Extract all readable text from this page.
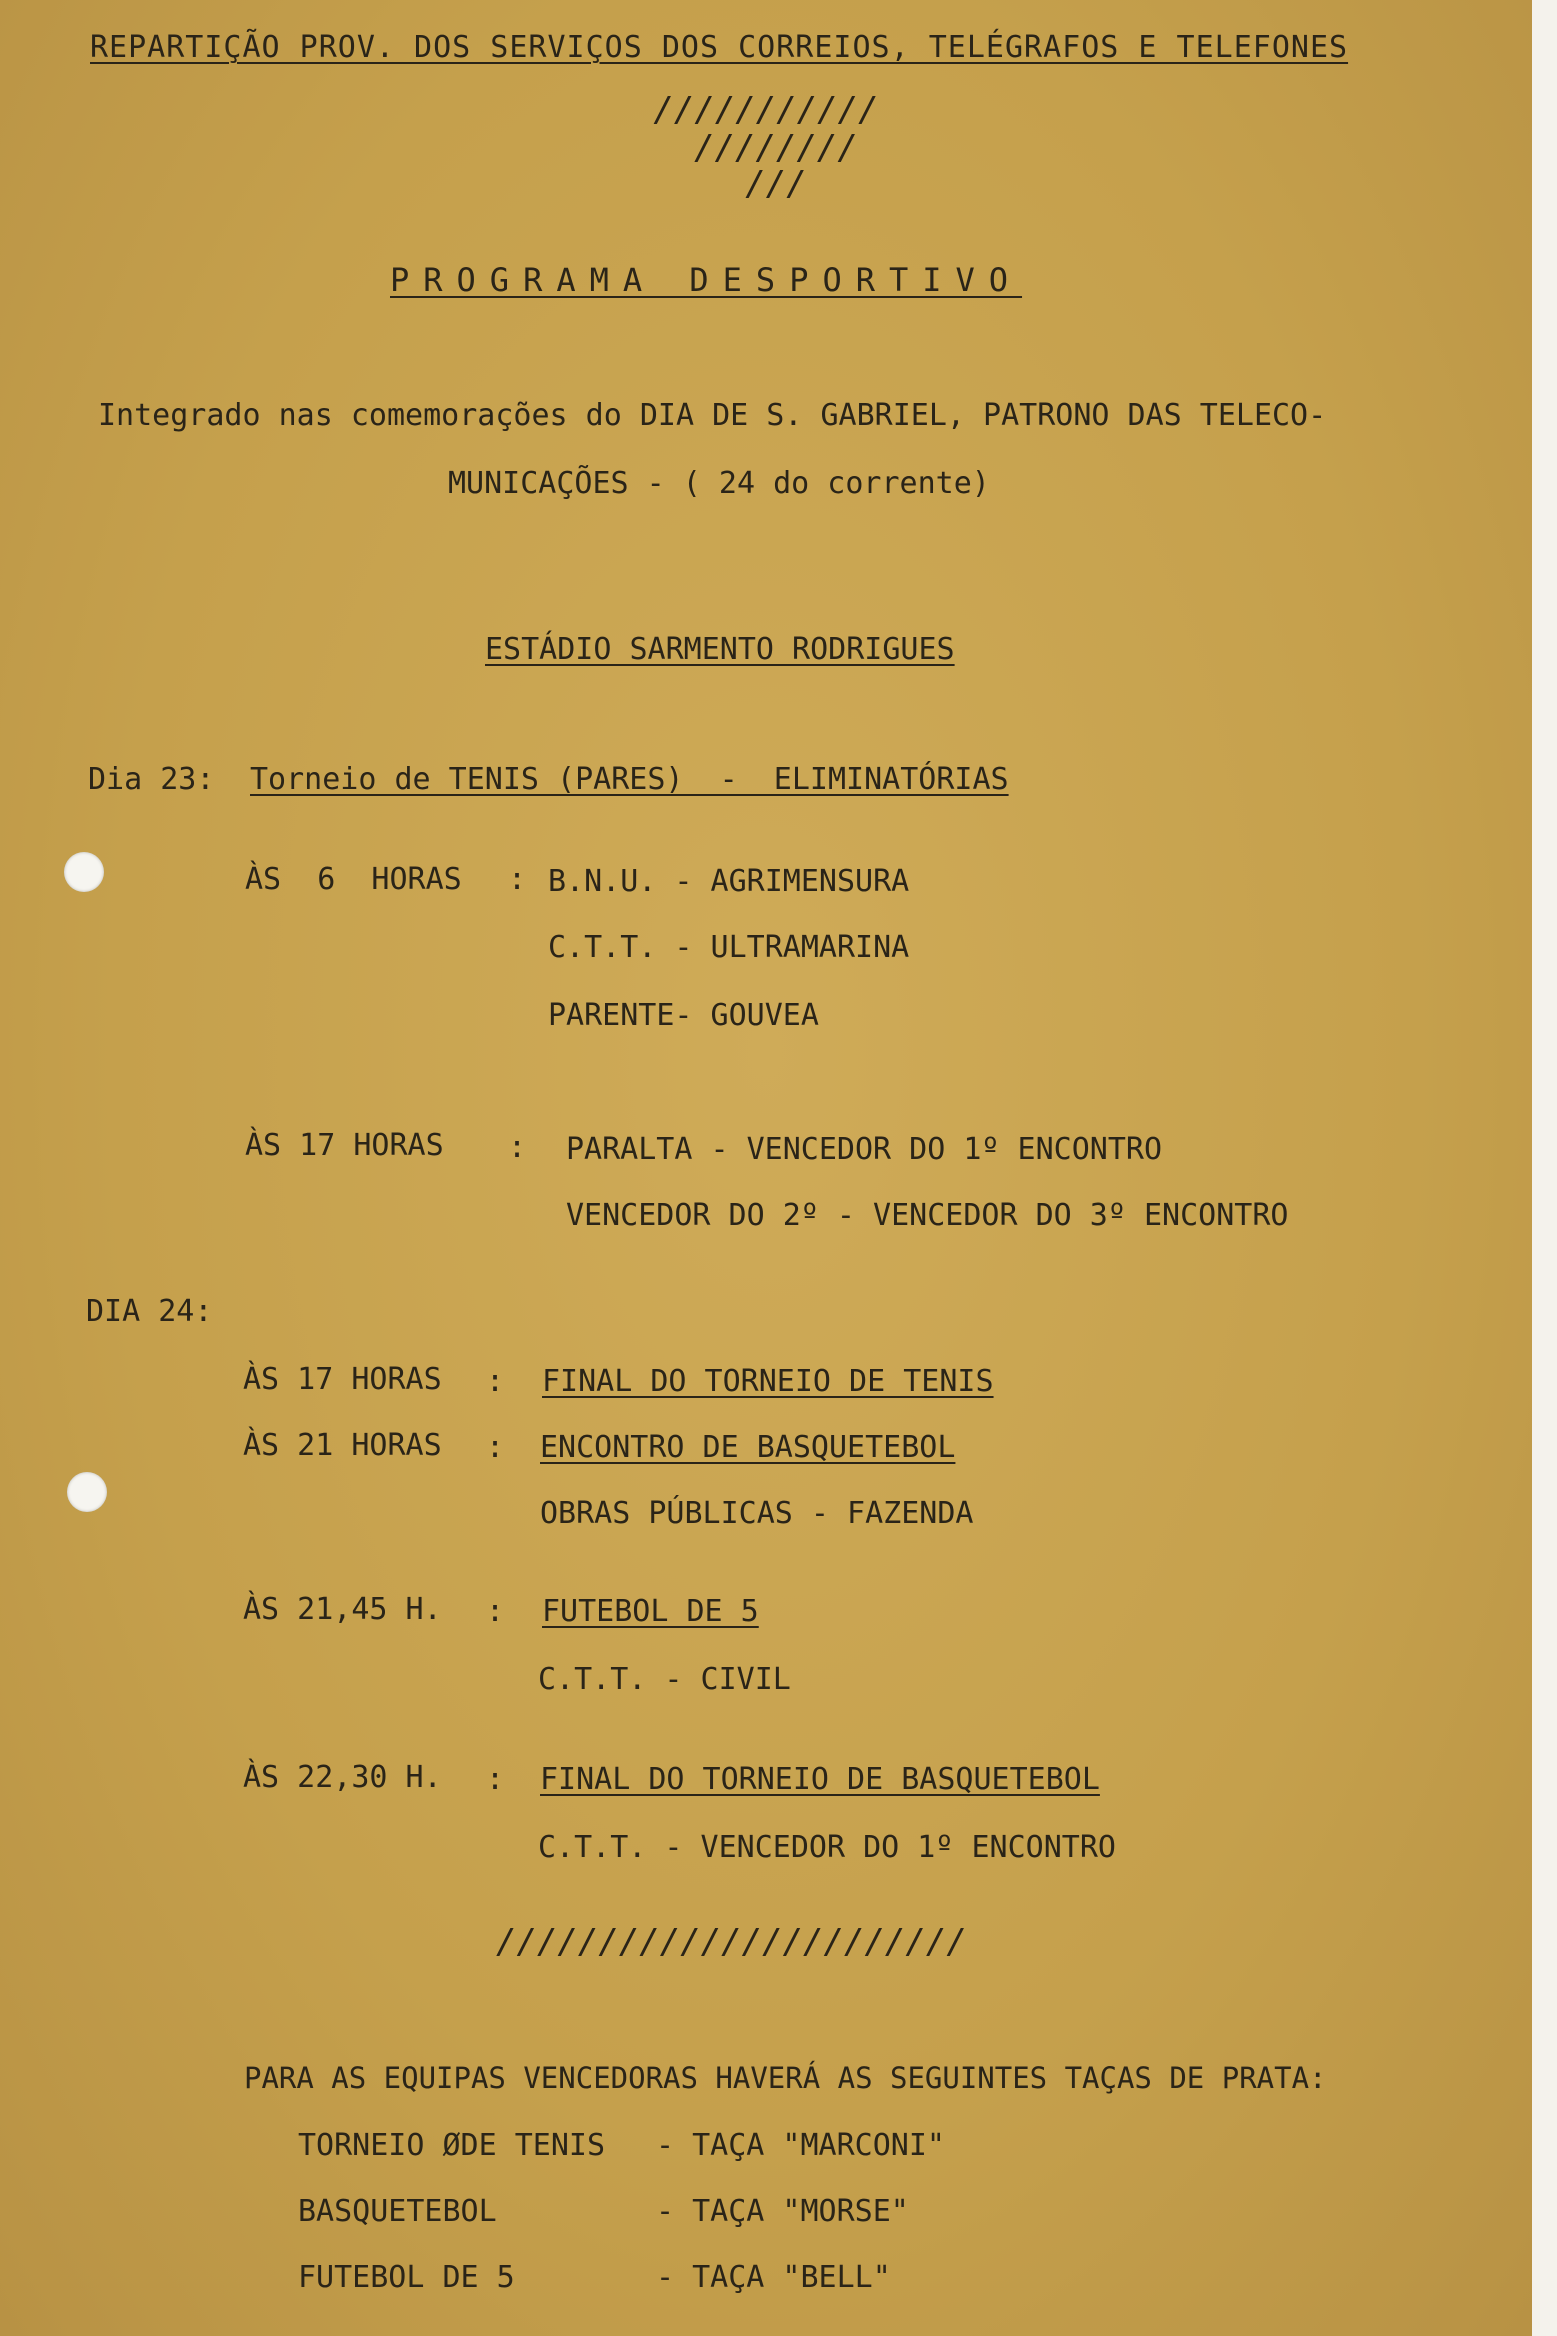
REPARTIÇÃO PROV. DOS SERVIÇOS DOS CORREIOS, TELÉGRAFOS E TELEFONES
///////////
////////
///
PROGRAMA DESPORTIVO
Integrado nas comemorações do DIA DE S. GABRIEL, PATRONO DAS TELECO-
MUNICAÇÕES - ( 24 do corrente)
ESTÁDIO SARMENTO RODRIGUES
Dia 23: Torneio de TENIS (PARES)  -  ELIMINATÓRIAS
ÀS  6  HORAS : B.N.U. - AGRIMENSURA
C.T.T. - ULTRAMARINA
PARENTE- GOUVEA
ÀS 17 HORAS : PARALTA - VENCEDOR DO 1º ENCONTRO
VENCEDOR DO 2º - VENCEDOR DO 3º ENCONTRO
DIA 24:
ÀS 17 HORAS : FINAL DO TORNEIO DE TENIS
ÀS 21 HORAS : ENCONTRO DE BASQUETEBOL
OBRAS PÚBLICAS - FAZENDA
ÀS 21,45 H. : FUTEBOL DE 5
C.T.T. - CIVIL
ÀS 22,30 H. : FINAL DO TORNEIO DE BASQUETEBOL
C.T.T. - VENCEDOR DO 1º ENCONTRO
///////////////////////
PARA AS EQUIPAS VENCEDORAS HAVERÁ AS SEGUINTES TAÇAS DE PRATA:
TORNEIO ØDE TENIS - TAÇA "MARCONI"
BASQUETEBOL	- TAÇA "MORSE"
FUTEBOL DE 5	- TAÇA "BELL"
